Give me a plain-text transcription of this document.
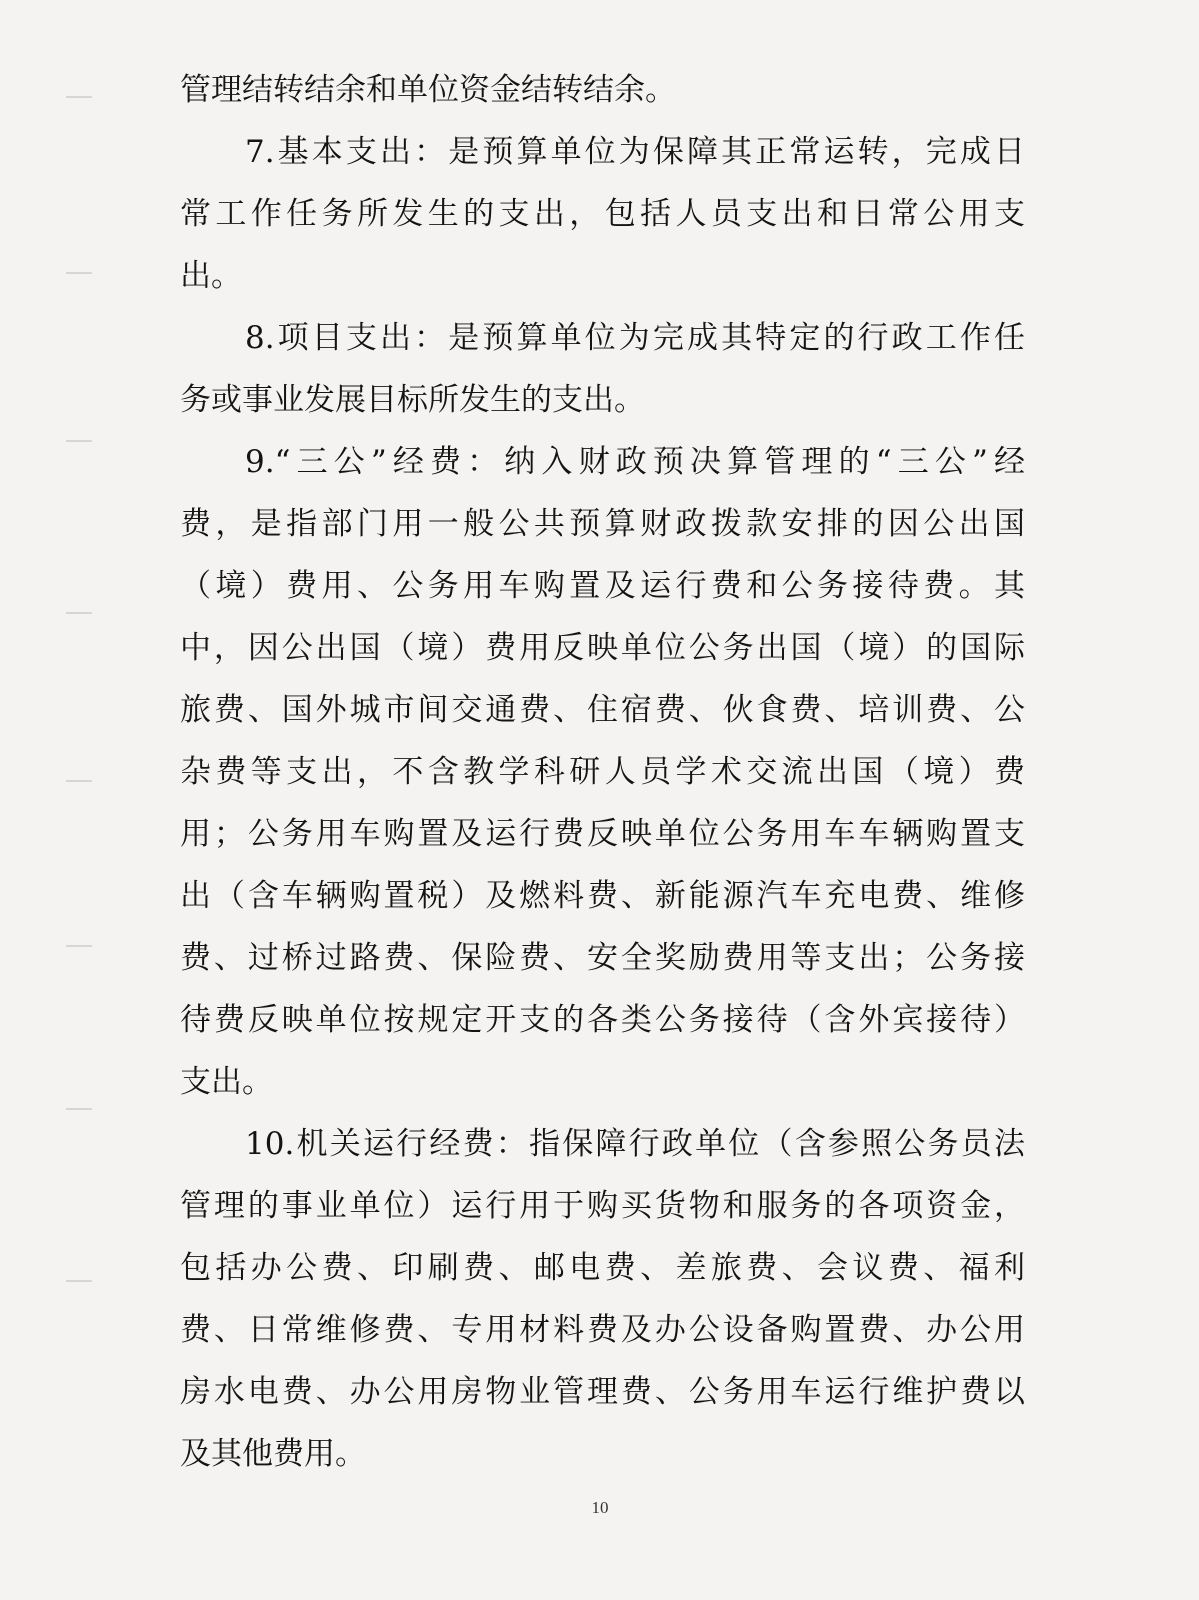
管理结转结余和单位资金结转结余。
7.基本支出：是预算单位为保障其正常运转，完成日
常工作任务所发生的支出，包括人员支出和日常公用支
出。
8.项目支出：是预算单位为完成其特定的行政工作任
务或事业发展目标所发生的支出。
9.“三公”经费：纳入财政预决算管理的“三公”经
费，是指部门用一般公共预算财政拨款安排的因公出国
（境）费用、公务用车购置及运行费和公务接待费。其
中，因公出国（境）费用反映单位公务出国（境）的国际
旅费、国外城市间交通费、住宿费、伙食费、培训费、公
杂费等支出，不含教学科研人员学术交流出国（境）费
用；公务用车购置及运行费反映单位公务用车车辆购置支
出（含车辆购置税）及燃料费、新能源汽车充电费、维修
费、过桥过路费、保险费、安全奖励费用等支出；公务接
待费反映单位按规定开支的各类公务接待（含外宾接待）
支出。
10.机关运行经费：指保障行政单位（含参照公务员法
管理的事业单位）运行用于购买货物和服务的各项资金，
包括办公费、印刷费、邮电费、差旅费、会议费、福利
费、日常维修费、专用材料费及办公设备购置费、办公用
房水电费、办公用房物业管理费、公务用车运行维护费以
及其他费用。
10
